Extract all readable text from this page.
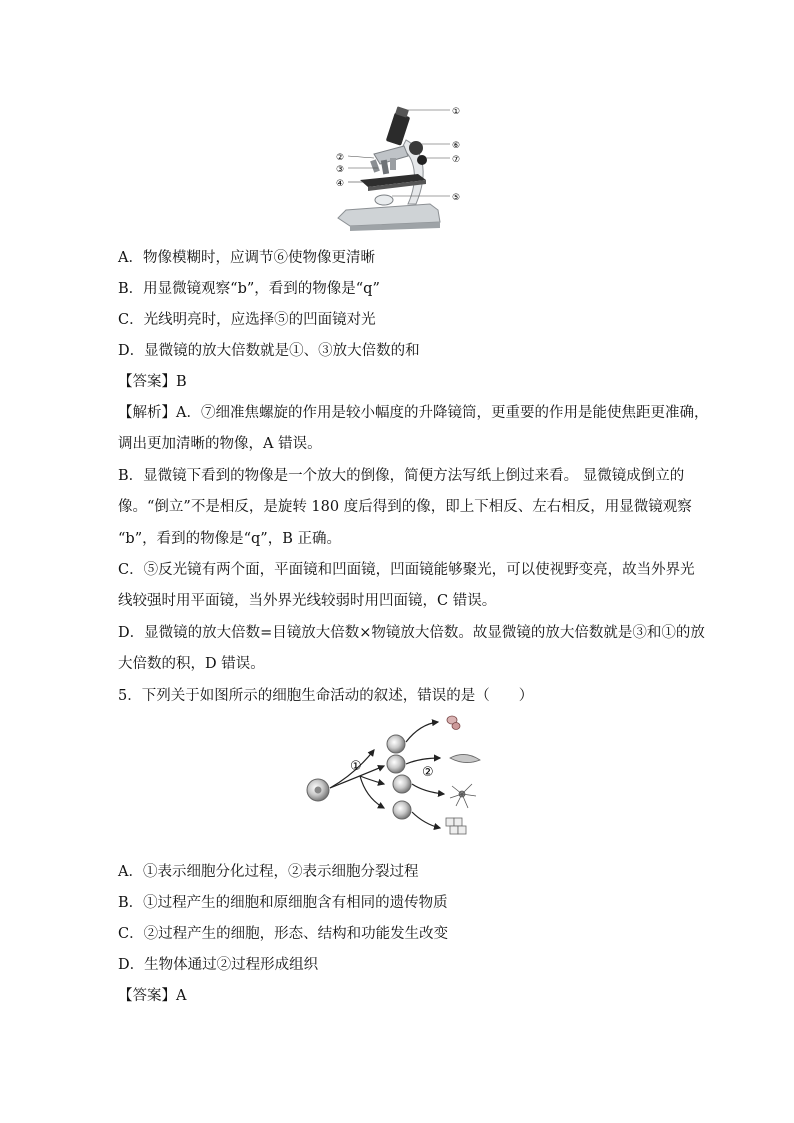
①
②
③
④
⑤
⑥
⑦
A．物像模糊时，应调节⑥使物像更清晰
B．用显微镜观察“b”，看到的物像是“q”
C．光线明亮时，应选择⑤的凹面镜对光
D．显微镜的放大倍数就是①、③放大倍数的和
【答案】B
【解析】A．⑦细准焦螺旋的作用是较小幅度的升降镜筒，更重要的作用是能使焦距更准确，
调出更加清晰的物像，A 错误。
B．显微镜下看到的物像是一个放大的倒像，简便方法写纸上倒过来看。 显微镜成倒立的
像。“倒立”不是相反，是旋转 180 度后得到的像，即上下相反、左右相反，用显微镜观察
“b”，看到的物像是“q”，B 正确。
C．⑤反光镜有两个面，平面镜和凹面镜，凹面镜能够聚光，可以使视野变亮，故当外界光
线较强时用平面镜，当外界光线较弱时用凹面镜，C 错误。
D．显微镜的放大倍数=目镜放大倍数×物镜放大倍数。故显微镜的放大倍数就是③和①的放
大倍数的积，D 错误。
5．下列关于如图所示的细胞生命活动的叙述，错误的是（　　）
①	②
A．①表示细胞分化过程，②表示细胞分裂过程
B．①过程产生的细胞和原细胞含有相同的遗传物质
C．②过程产生的细胞，形态、结构和功能发生改变
D．生物体通过②过程形成组织
【答案】A
